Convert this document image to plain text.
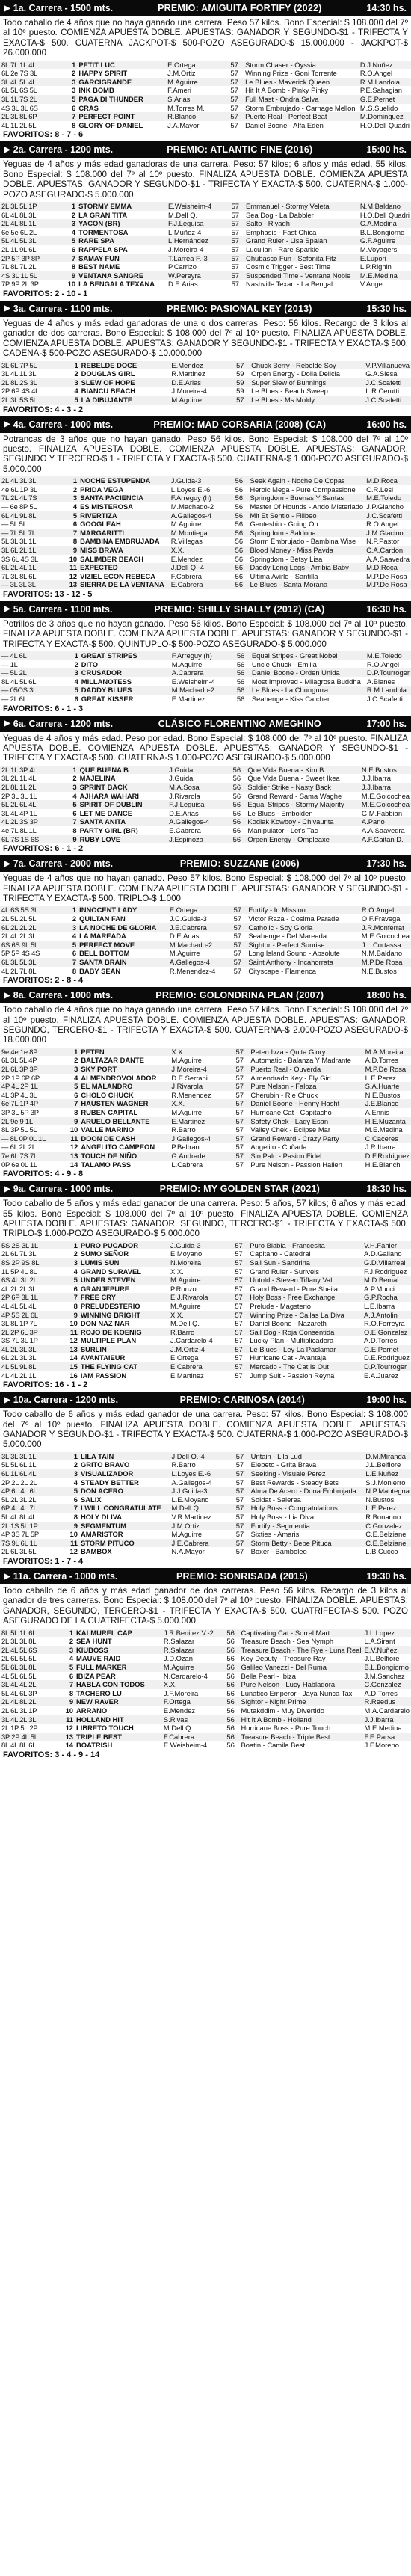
▶ 1a. Carrera - 1500 mts.	PREMIO: AMIGUITA FORTIFY (2022)	14:30 hs.
Todo caballo de 4 años que no haya ganado una carrera. Peso 57 kilos. Bono Especial: $ 108.000 del 7º al 10º puesto. COMIENZA APUESTA DOBLE. APUESTAS: GANADOR Y SEGUNDO-$1 - TRIFECTA Y EXACTA-$ 500. CUATERNA JACKPOT-$ 500-POZO ASEGURADO-$ 15.000.000 - JACKPOT-$ 26.000.000
8L 7L 1L 4L	1	PETIT LUC	E.Ortega	57	Storm Chaser - Oyssia	D.J.Nuñez
6L 2e 7S 3L	2	HAPPY SPIRIT	J.M.Ortiz	57	Winning Prize - Goni Torrente	R.O.Angel
3L 4L 5L 4L	3	GARCIGRANDE	M.Aguirre	57	Le Blues - Maverick Queen	R.M.Landola
6L 5L 6S 5L	3	INK BOMB	F.Ameri	57	Hit It A Bomb - Pinky Pinky	P.E.Sahagian
3L 1L 7S 2L	5	PAGA DI THUNDER	S.Arias	57	Full Mast - Ondra Salva	G.E.Pernet
4S 3L 3L 6S	6	CRAS	M.Torres M.	57	Storm Embrujado - Carnage Mellon	M.S.Suelido
2L 3L 8L 6P	7	PERFECT POINT	R.Blanco	57	Puerto Real - Perfect Beat	M.Dominguez
4L 1L 2L 5L	8	GLORY OF DANIEL	J.A.Mayor	57	Daniel Boone - Alfa Eden	H.O.Dell Quadri
FAVORITOS: 8 - 7 - 6
▶ 2a. Carrera - 1200 mts.	PREMIO: ATLANTIC FINE (2016)	15:00 hs.
Yeguas de 4 años y más edad ganadoras de una carrera. Peso: 57 kilos; 6 años y más edad, 55 kilos. Bono Especial: $ 108.000 del 7º al 10º puesto. FINALIZA APUESTA DOBLE. COMIENZA APUESTA DOBLE. APUESTAS: GANADOR Y SEGUNDO-$1 - TRIFECTA Y EXACTA-$ 500. CUATERNA-$ 1.000-POZO ASEGURADO-$ 5.000.000
2L 3L 5L 1P	1	STORMY EMMA	E.Weisheim-4	57	Emmanuel - Stormy Veleta	N.M.Baldano
6L 4L 8L 3L	2	LA GRAN TITA	M.Dell Q.	57	Sea Dog - La Dabbler	H.O.Dell Quadri
2L 4L 8L 1L	3	YACON (BR)	F.J.Leguisa	57	Salto - Riyadh	C.A.Medina
6e 5e 6L 2L	4	TORMENTOSA	L.Muñoz-4	57	Emphasis - Fast Chica	B.L.Bongiorno
5L 4L 5L 3L	5	RARE SPA	L.Hernández	57	Grand Ruler - Lisa Spalan	G.F.Aguirre
2L 1L 9L 6L	6	RAPPELA SPA	J.Moreira-4	57	Lucullan - Rare Sparkle	M.Voyagers
2P 5P 3P 8P	7	SAMAY FUN	T.Larrea F.-3	57	Chubasco Fun - Sefonita Fitz	E.Lupori
7L 8L 7L 2L	8	BEST NAME	P.Carrizo	57	Cosmic Trigger - Best Time	L.P.Righin
4S 3L 1L 5L	9	VENTANA SANGRE	W.Pereyra	57	Suspended Time - Ventana Noble	M.E.Medina
7P 9P 2L 3P	10	LA BENGALA TEXANA	D.E.Arias	57	Nashville Texan - La Bengal	V.Ange
FAVORITOS: 2 - 10 - 1
▶ 3a. Carrera - 1100 mts.	PREMIO: PASIONAL KEY (2013)	15:30 hs.
Yeguas de 4 años y más edad ganadoras de una o dos carreras. Peso: 56 kilos. Recargo de 3 kilos al ganador de dos carreras. Bono Especial: $ 108.000 del 7º al 10º puesto. FINALIZA APUESTA DOBLE. COMIENZA APUESTA DOBLE. APUESTAS: GANADOR Y SEGUNDO-$1 - TRIFECTA Y EXACTA-$ 500. CADENA-$ 500-POZO ASEGURADO-$ 10.000.000
3L 6L 7P 5L	1	REBELDE DOCE	E.Mendez	57	Chuck Berry - Rebelde Soy	V.P.Villanueva
3L 4L 1L 3L	2	DOUGLAS GIRL	R.Martinez	59	Orpen Energy - Dolla Delicia	G.A.Siesa
2L 8L 2S 3L	3	SLEW OF HOPE	D.E.Arias	59	Super Slew of Bunnings	J.C.Scafetti
2P 6P 4S 4L	4	BIANCU BEACH	J.Moreira-4	59	Le Blues - Beach Sweep	L.R.Cerutti
2L 3L 5S 5L	5	LA DIBUJANTE	M.Aguirre	57	Le Blues - Ms Moldy	J.C.Scafetti
FAVORITOS: 4 - 3 - 2
▶ 4a. Carrera - 1000 mts.	PREMIO: MAD CORSARIA (2008) (CA)	16:00 hs.
Potrancas de 3 años que no hayan ganado. Peso 56 kilos. Bono Especial: $ 108.000 del 7º al 10º puesto. FINALIZA APUESTA DOBLE. COMIENZA APUESTA DOBLE. APUESTAS: GANADOR, SEGUNDO Y TERCERO-$ 1 - TRIFECTA Y EXACTA-$ 500. CUATERNA-$ 1.000-POZO ASEGURADO-$ 5.000.000
2L 4L 3L 3L	1	NOCHE ESTUPENDA	J.Guida-3	56	Seek Again - Noche De Copas	M.D.Roca
4e 6L 1P 3L	2	PRIDA VEGA	L.Loyes E.-6	56	Heroic Mega - Pure Compassione	C.R.Lesi
7L 2L 4L 7S	3	SANTA PACIENCIA	F.Arreguy (h)	56	Springdom - Buenas Y Santas	M.E.Toledo
— 6e 8P 5L	4	ES MISTEROSA	M.Machado-2	56	Master Of Hounds - Ando Misteriado	J.P.Giancho
6L 4L 9L 8L	5	RIVERTIZA	A.Gallegos-4	56	Mit Et Sentio - Filibeo	J.C.Scafetti
— 5L 5L	6	GOOGLEAH	M.Aguirre	56	Genteshin - Going On	R.O.Angel
— 7L 5L 7L	7	MARGARITTI	M.Montiega	56	Springdom - Saldona	J.M.Giacino
5L 3L 3L 1L	8	BAMBINA EMBRUJADA	R.Villegas	56	Storm Embrujado - Bambina Wise	N.P.Pastor
3L 6L 2L 1L	9	MISS BRAVA	X.X.	56	Blood Money - Miss Pavda	C.A.Cardon
3S 6L 4S 3L	10	SALIMBER BEACH	E.Mendez	56	Springdom - Betsy Lisa	A.A.Saavedra
6L 2L 4L 1L	11	EXPECTED	J.Dell Q.-4	56	Daddy Long Legs - Arribia Baby	M.D.Roca
7L 3L 8L 6L	12	VIZIEL ECON REBECA	F.Cabrera	56	Ultima Avirlo - Santilla	M.P.De Rosa
— 3L 3L 3L	13	SIERRA DE LA VENTANA	E.Cabrera	56	Le Blues - Santa Morana	M.P.De Rosa
FAVORITOS: 13 - 12 - 5
▶ 5a. Carrera - 1100 mts.	PREMIO: SHILLY SHALLY (2012) (CA)	16:30 hs.
Potrillos de 3 años que no hayan ganado. Peso 56 kilos. Bono Especial: $ 108.000 del 7º al 10º puesto. FINALIZA APUESTA DOBLE. COMIENZA APUESTA DOBLE. APUESTAS: GANADOR Y SEGUNDO-$1 - TRIFECTA Y EXACTA-$ 500. QUINTUPLO-$ 500-POZO ASEGURADO-$ 5.000.000
— 4L 6L	1	GREAT STRIPES	F.Arreguy (h)	56	Equal Stripes - Great Nobel	M.E.Toledo
— 1L	2	DITO	M.Aguirre	56	Uncle Chuck - Emilia	R.O.Angel
— 5L 2L	3	CRUSADOR	A.Cabrera	56	Daniel Boone - Orden Unida	D.P.Tourroger
8L 4L 5L 6L	4	MILLANOTESS	E.Weisheim-4	56	Most Improved - Milagrosa Buddha	A.Bianes
— 05OS 3L	5	DADDY BLUES	M.Machado-2	56	Le Blues - La Chungurra	R.M.Landola
— 2L 6L	6	GREAT KISSER	E.Martinez	56	Seahenge - Kiss Catcher	J.C.Scafetti
FAVORITOS: 6 - 1 - 3
▶ 6a. Carrera - 1200 mts.	CLÁSICO FLORENTINO AMEGHINO	17:00 hs.
Yeguas de 4 años y más edad. Peso por edad. Bono Especial: $ 108.000 del 7º al 10º puesto. FINALIZA APUESTA DOBLE. COMIENZA APUESTA DOBLE. APUESTAS: GANADOR Y SEGUNDO-$1 - TRIFECTA Y EXACTA-$ 500. CUATERNA-$ 1.000-POZO ASEGURADO-$ 5.000.000
2L 1L 3P 4L	1	QUE BUENA B	J.Guida	56	Que Vida Buena - Kim B	N.E.Bustos
3L 2L 1L 4L	2	MAJELINA	J.Guida	56	Que Vida Buena - Sweet Ikea	J.J.Ibarra
2L 8L 1L 2L	3	SPRINT BACK	M.A.Sosa	56	Soldier Strike - Nasty Back	J.J.Ibarra
2P 3L 3L 1L	4	AJHARA WAHARI	J.Rivarola	56	Grand Reward - Sama Waghe	M.E.Goicochea
5L 2L 6L 4L	5	SPIRIT OF DUBLIN	F.J.Leguisa	56	Equal Stripes - Stormy Majority	M.E.Goicochea
3L 4L 4P 1L	6	LET ME DANCE	D.E.Arias	56	Le Blues - Embolden	G.M.Fabbian
4L 2L 3S 3P	7	SANTA ANITA	A.Gallegos-4	56	Kodiak Kowboy - Chivaurita	A.Pano
4e 7L 8L 1L	8	PARTY GIRL (BR)	E.Cabrera	56	Manipulator - Let's Tac	A.A.Saavedra
6L 7S 1S 6S	9	RUBY LOVE	J.Espinoza	56	Orpen Energy - Ompleaxe	A.F.Gaitan D.
FAVORITOS: 6 - 1 - 2
▶ 7a. Carrera - 2000 mts.	PREMIO: SUZZANE (2006)	17:30 hs.
Yeguas de 4 años que no hayan ganado. Peso 57 kilos. Bono Especial: $ 108.000 del 7º al 10º puesto. FINALIZA APUESTA DOBLE. COMIENZA APUESTA DOBLE. APUESTAS: GANADOR Y SEGUNDO-$1 - TRIFECTA Y EXACTA-$ 500. TRIPLO-$ 1.000
4L 6S 5S 3L	1	INNOCENT LADY	E.Ortega	57	Fortify - In Mission	R.O.Angel
2L 5L 2L 5L	2	QUILTAN FAN	J.C.Guida-3	57	Victor Raza - Cosima Parade	O.F.Fravega
6L 2L 2L 2L	3	LA NOCHE DE GLORIA	J.E.Cabrera	57	Catholic - Soy Gloria	J.R.Monferrat
2L 4L 2L 3L	4	LA MAREADA	D.E.Arias	57	Seahenge - Del Mareada	M.E.Goicochea
6S 6S 9L 5L	5	PERFECT MOVE	M.Machado-2	57	Sightor - Perfect Sunrise	J.L.Cortassa
5P 5P 4S 4S	6	BELL BOTTOM	M.Aguirre	57	Long Island Sound - Absolute	N.M.Baldano
6L 3L 5L 3L	7	SANTA BRAIN	A.Gallegos-4	57	Saint Anthony - Incahorrata	M.P.De Rosa
4L 2L 7L 8L	8	BABY SEAN	R.Menendez-4	57	Cityscape - Flamenca	N.E.Bustos
FAVORITOS: 2 - 8 - 4
▶ 8a. Carrera - 1000 mts.	PREMIO: GOLONDRINA PLAN (2007)	18:00 hs.
Todo caballo de 4 años que no haya ganado una carrera. Peso 57 kilos. Bono Especial: $ 108.000 del 7º al 10º puesto. FINALIZA APUESTA DOBLE. COMIENZA APUESTA DOBLE. APUESTAS: GANADOR, SEGUNDO, TERCERO-$1 - TRIFECTA Y EXACTA-$ 500. CUATERNA-$ 2.000-POZO ASEGURADO-$ 18.000.000
9e 4e 1e 8P	1	PETEN	X.X.	57	Peten Ivza - Quita Glory	M.A.Moreira
6L 3L 5L 4P	2	BALTAZAR DANTE	M.Aguirre	57	Automatic - Balanza Y Madrante	A.D.Torres
2L 6L 3P 3P	3	SKY PORT	J.Moreira-4	57	Puerto Real - Ouverda	M.P.De Rosa
2P 1P 6P 6P	4	ALMENDROVOLADOR	D.E.Serrani	57	Almendrado Key - Fly Girl	L.E.Perez
4P 4L 2P 1L	5	EL MALANDRO	J.Rivarola	57	Pure Nelson - Faloza	S.A.Huarte
4L 3P 4L 3L	6	CHOLO CHUCK	R.Menendez	57	Cherubin - Rie Chuck	N.E.Bustos
6e 7L 1P 4P	7	HAUSTEN WAGNER	X.X.	57	Daniel Boone - Henny Hasht	J.E.Blanco
3P 3L 5P 3P	8	RUBEN CAPITAL	M.Aguirre	57	Hurricane Cat - Capitacho	A.Ennis
2L 9e 9 1L	9	ARUELO BELLANTE	E.Martinez	57	Safety Chek - Lady Esan	H.E.Muzanta
8L 3P 5L 5L	10	VALLE MARINO	R.Barro	57	Valley Chek - Eclipse Mar	M.E.Medina
— 8L 0P 0L 1L	11	DOON DE CASH	J.Gallegos-4	57	Grand Reward - Crazy Party	C.Caceres
— 6L 2L 2L	12	ANGELITO CAMPEON	P.Beltran	57	Angelito - Cuñada	J.R.Ibarra
7e 6L 7S 7L	13	TOUCH DE NIÑO	G.Andrade	57	Sin Palo - Pasion Fidel	D.F.Rodriguez
0P 6e 0L 1L	14	TALAMO PASS	L.Cabrera	57	Pure Nelson - Passion Hallen	H.E.Bianchi
FAVORITOS: 4 - 9 - 8
▶ 9a. Carrera - 1000 mts.	PREMIO: MY GOLDEN STAR (2021)	18:30 hs.
Todo caballo de 5 años y más edad ganador de una carrera. Peso: 5 años, 57 kilos; 6 años y más edad, 55 kilos. Bono Especial: $ 108.000 del 7º al 10º puesto. FINALIZA APUESTA DOBLE. COMIENZA APUESTA DOBLE. APUESTAS: GANADOR, SEGUNDO, TERCERO-$1 - TRIFECTA Y EXACTA-$ 500. TRIPLO-$ 1.000-POZO ASEGURADO-$ 5.000.000
5S 2S 3L 1L	1	PURO PUCADOR	J.Guida-3	57	Puro Blabla - Francesita	V.H.Fahler
2L 6L 7L 3L	2	SUMO SEÑOR	E.Moyano	57	Capitano - Catedral	A.D.Gallano
8S 2P 9S 8L	3	LUMIS SUN	N.Moreira	57	Sail Sun - Sandrina	G.D.Villarreal
1L 5P 4L 8L	4	GRAND SURAVEL	X.X.	57	Grand Ruler - Surivels	F.J.Rodriguez
6S 4L 3L 2L	5	UNDER STEVEN	M.Aguirre	57	Untold - Steven Tiffany Val	M.D.Bemal
4L 2L 2L 3L	6	GRANJEPURE	P.Ronzo	57	Grand Reward - Pure Sheila	A.P.Mucci
2P 6P 3L 1L	7	FREE CRY	E.J.Rivarola	57	Holy Boss - Free Exchange	G.P.Rocha
4L 4L 5L 4L	8	PRELUDESTERIO	M.Aguirre	57	Prelude - Magsterio	L.E.Ibarra
4P 5S 2L 6L	9	WINNING BRIGHT	X.X.	57	Winning Prize - Callas La Diva	A.J.Antolin
3L 8L 1P 7L	10	DON NAZ NAR	M.Dell Q.	57	Daniel Boone - Nazareth	R.O.Ferreyra
2L 2P 6L 3P	11	ROJO DE KOENIG	R.Barro	57	Sail Dog - Roja Consentida	O.E.Gonzalez
3S 7L 3L 1P	12	MULTIPLE PLAN	J.Cardarelo-4	57	Lucky Plan - Multiplicadora	A.D.Torres
4L 2L 3L 3L	13	SURLIN	J.M.Ortiz-4	57	Le Blues - Ley La Paclamar	G.E.Pernet
6L 2L 3L 3L	14	AVANTAIEUR	E.Ortega	57	Hurricane Cat - Avantaja	D.E.Rodriguez
4L 5L 9L 8L	15	THE FLYING CAT	E.Cabrera	57	Mercado - The Cat Is Out	D.P.Tourroger
4L 4L 2L 1L	16	IAM PASSION	E.Martinez	57	Jump Suit - Passion Reyna	E.A.Juarez
FAVORITOS: 16 - 1 - 2
▶ 10a. Carrera - 1200 mts.	PREMIO: CARINOSA (2014)	19:00 hs.
Todo caballo de 6 años y más edad ganador de una carrera. Peso: 57 kilos. Bono Especial: $ 108.000 del 7º al 10º puesto. FINALIZA APUESTA DOBLE. COMIENZA APUESTA DOBLE. APUESTAS: GANADOR Y SEGUNDO-$1 - TRIFECTA Y EXACTA-$ 500. CUATERNA-$ 1.000-POZO ASEGURADO-$ 5.000.000
3L 3L 3L 1L	1	LILA TAIN	J.Dell Q.-4	57	Untain - Lila Lud	D.M.Miranda
5L 5L 6L 1L	2	GRITO BRAVO	R.Barro	57	Elebeto - Grita Brava	J.L.Belfiore
6L 1L 6L 4L	3	VISUALIZADOR	L.Loyes E.-6	57	Seeking - Visuale Perez	L.E.Nuñez
2P 2L 2L 2L	4	STEADY BETTER	A.Gallegos-4	57	Best Rewards - Steady Bets	S.J.Monierro
4P 6L 4L 6L	5	DON ACERO	J.J.Guida-3	57	Alma De Acero - Dona Embrujada	N.P.Mantegna
5L 2L 3L 2L	6	SALIX	L.E.Moyano	57	Soldat - Salerea	N.Bustos
6P 4L 4L 7L	7	I WILL CONGRATULATE	M.Dell Q.	57	Holy Boss - Congratulations	L.E.Perez
5L 4L 8L 4L	8	HOLY DLIVA	V.R.Martinez	57	Holy Boss - Lia Diva	R.Bonanno
2L 1S 5L 1P	9	SEGMENTUM	J.M.Ortiz	57	Fortify - Segmentia	C.Gonzalez
4P 3S 7L 5P	10	AMARISTOR	M.Aguirre	57	Sixties - Amaris	C.E.Belziane
7S 9L 6L 1L	11	STORM PITUCO	J.E.Cabrera	57	Storm Betty - Bebe Pituca	C.E.Belziane
2L 6L 3L 5L	12	BAMBOX	N.A.Mayor	57	Boxer - Bamboleo	L.B.Cucco
FAVORITOS: 1 - 7 - 4
▶ 11a. Carrera - 1000 mts.	PREMIO: SONRISADA (2015)	19:30 hs.
Todo caballo de 6 años y más edad ganador de dos carreras. Peso 56 kilos. Recargo de 3 kilos al ganador de tres carreras. Bono Especial: $ 108.000 del 7º al 10º puesto. FINALIZA DOBLE. APUESTAS: GANADOR, SEGUNDO, TERCERO-$1 - TRIFECTA Y EXACTA-$ 500. CUATRIFECTA-$ 500. POZO ASEGURADO DE LA CUATRIFECTA-$ 5.000.000
8L 5L 1L 6L	1	KALMUREL CAP	J.R.Benitez V.-2	56	Captivating Cat - Sorrel Mart	J.L.Lopez
2L 3L 3L 8L	2	SEA HUNT	R.Salazar	56	Treasure Beach - Sea Nymph	L.A.Sirant
2L 4L 5L 6S	3	KIUBOSS	R.Salazar	56	Treasure Beach - The Rye - Luna Real	E.V.Nuñez
2L 6L 5L 5L	4	MAUVE RAID	J.D.Ozan	56	Key Deputy - Treasure Ray	J.L.Belfiore
5L 6L 3L 8L	5	FULL MARKER	M.Aguirre	56	Galileo Vanezzi - Del Ruma	B.L.Bongiorno
4L 5L 6L 5L	6	IBIZA PEAR	N.Cardarelo-4	56	Bella Pearl - Ibiza	J.M.Sanchez
3L 4L 4L 2L	7	HABLA CON TODOS	X.X.	56	Pure Nelson - Lucy Habladora	C.Gonzalez
5L 4L 6L 3P	8	TACHERO LU	J.F.Moreira	56	Lunatico Emperor - Jaya Nunca Taxi	A.D.Torres
2L 4L 8L 2L	9	NEW RAVER	F.Ortega	56	Sightor - Night Prime	R.Reedus
2L 6L 3L 1P	10	ARRANO	E.Mendez	56	Mutakddim - Muy Divertido	M.A.Cardarelo
3L 4L 2L 3L	11	HOLLAND HIT	S.Rivas	56	Hit It A Bomb - Holland	J.J.Ibarra
2L 1P 5L 2P	12	LIBRETO TOUCH	M.Dell Q.	56	Hurricane Boss - Pure Touch	M.E.Medina
3P 2P 4L 5L	13	TRIPLE BEST	F.Cabrera	56	Treasure Beach - Triple Best	F.E.Parsa
8L 4L 8L 6L	14	BOATRISH	E.Weisheim-4	56	Boatin - Camila Best	J.F.Moreno
FAVORITOS: 3 - 4 - 9 - 14
